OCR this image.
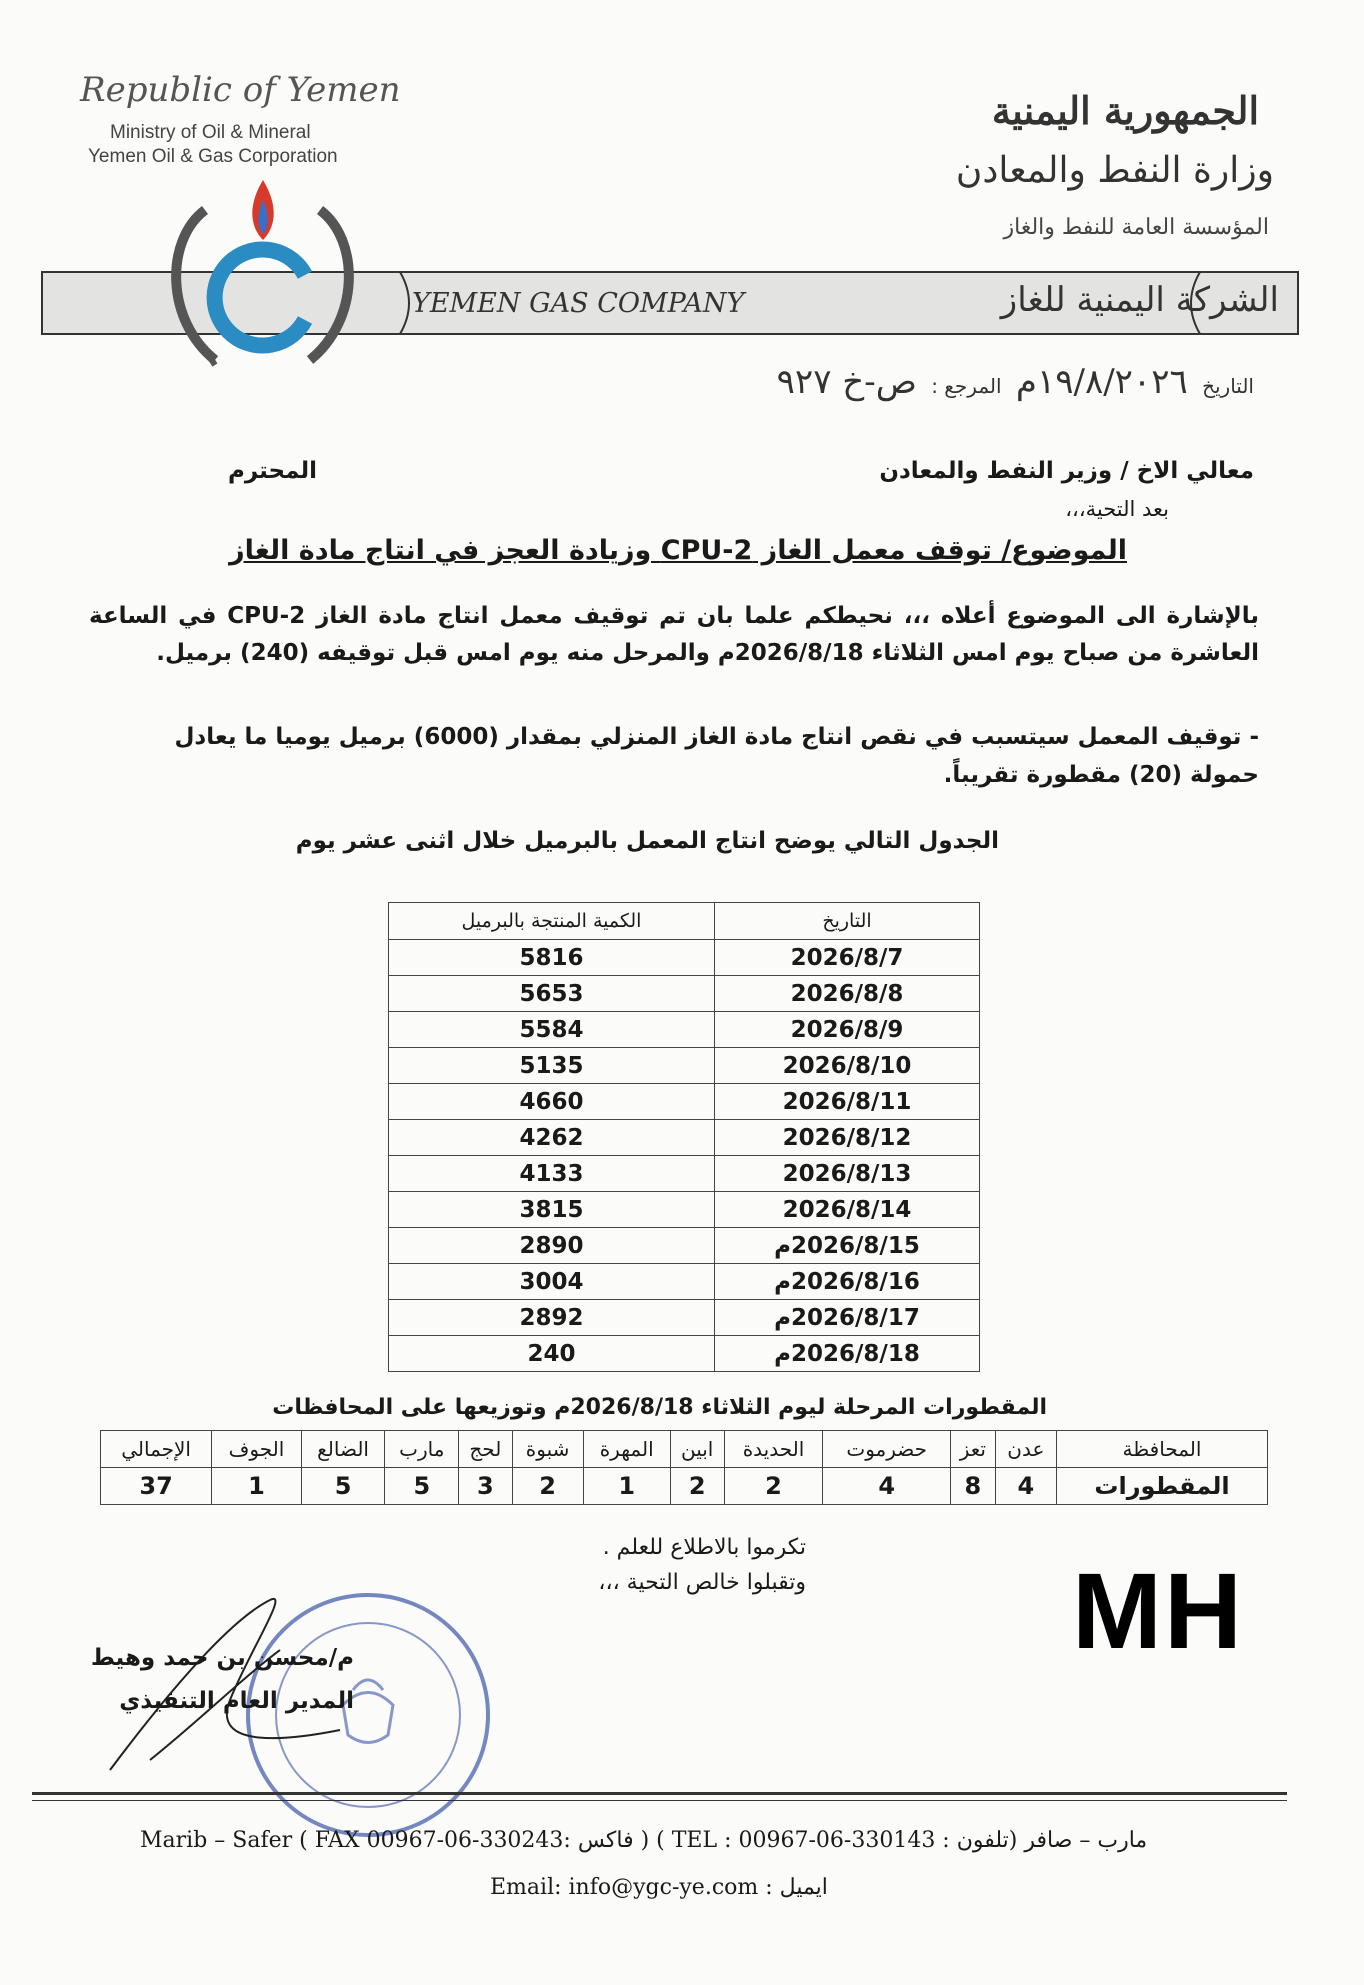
Republic of Yemen
Ministry of Oil & Mineral
Yemen Oil & Gas Corporation
الجمهورية اليمنية
وزارة النفط والمعادن
المؤسسة العامة للنفط والغاز
YEMEN GAS COMPANY	الشركة اليمنية للغاز
التاريخ ١٩/٨/٢٠٢٦م المرجع : ص-خ ٩٢٧
معالي الاخ / وزير النفط والمعادن
المحترم
بعد التحية،،،
الموضوع/ توقف معمل الغاز CPU-2 وزيادة العجز في انتاج مادة الغاز
بالإشارة الى الموضوع أعلاه ،،، نحيطكم علما بان تم توقيف معمل انتاج مادة الغاز CPU-2 في الساعة العاشرة من صباح يوم امس الثلاثاء 2026/8/18م والمرحل منه يوم امس قبل توقيفه (240) برميل.
- توقيف المعمل سيتسبب في نقص انتاج مادة الغاز المنزلي بمقدار (6000) برميل يوميا ما يعادل حمولة (20) مقطورة تقريباً.
الجدول التالي يوضح انتاج المعمل بالبرميل خلال اثنى عشر يوم
التاريخ	الكمية المنتجة بالبرميل
2026/8/7	5816
2026/8/8	5653
2026/8/9	5584
2026/8/10	5135
2026/8/11	4660
2026/8/12	4262
2026/8/13	4133
2026/8/14	3815
2026/8/15م	2890
2026/8/16م	3004
2026/8/17م	2892
2026/8/18م	240
المقطورات المرحلة ليوم الثلاثاء 2026/8/18م وتوزيعها على المحافظات
المحافظة	عدن	تعز	حضرموت	الحديدة	ابين	المهرة	شبوة	لحج	مارب	الضالع	الجوف	الإجمالي
المقطورات	4	8	4	2	2	1	2	3	5	5	1	37
تكرموا بالاطلاع للعلم .
وتقبلوا خالص التحية ،،، MH
م/محسن بن حمد وهيط
المدير العام التنفيذي
Marib – Safer ( FAX 00967-06-330243: فاكس ) ( TEL : 00967-06-330143 : تلفون) مارب – صافر
Email: info@ygc-ye.com : ايميل
